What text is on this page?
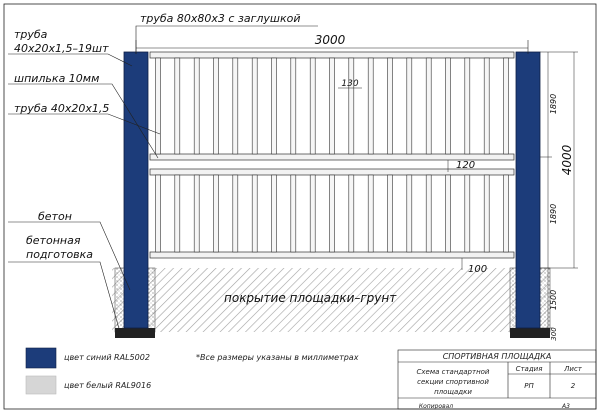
3000
130
120
100
1890
1890
4000
1500
300
труба 80х80х3 с заглушкой
труба
40х20х1,5–19шт
шпилька 10мм
труба 40х20х1,5
бетон
бетонная
подготовка
покрытие площадки–грунт
цвет синий RAL5002
цвет белый RAL9016
*Все размеры указаны в миллиметрах	СПОРТИВНАЯ ПЛОЩАДКА
Схема стандартной
секции спортивной
площадки
Стадия	Лист
РП	2
Копировал	А3
